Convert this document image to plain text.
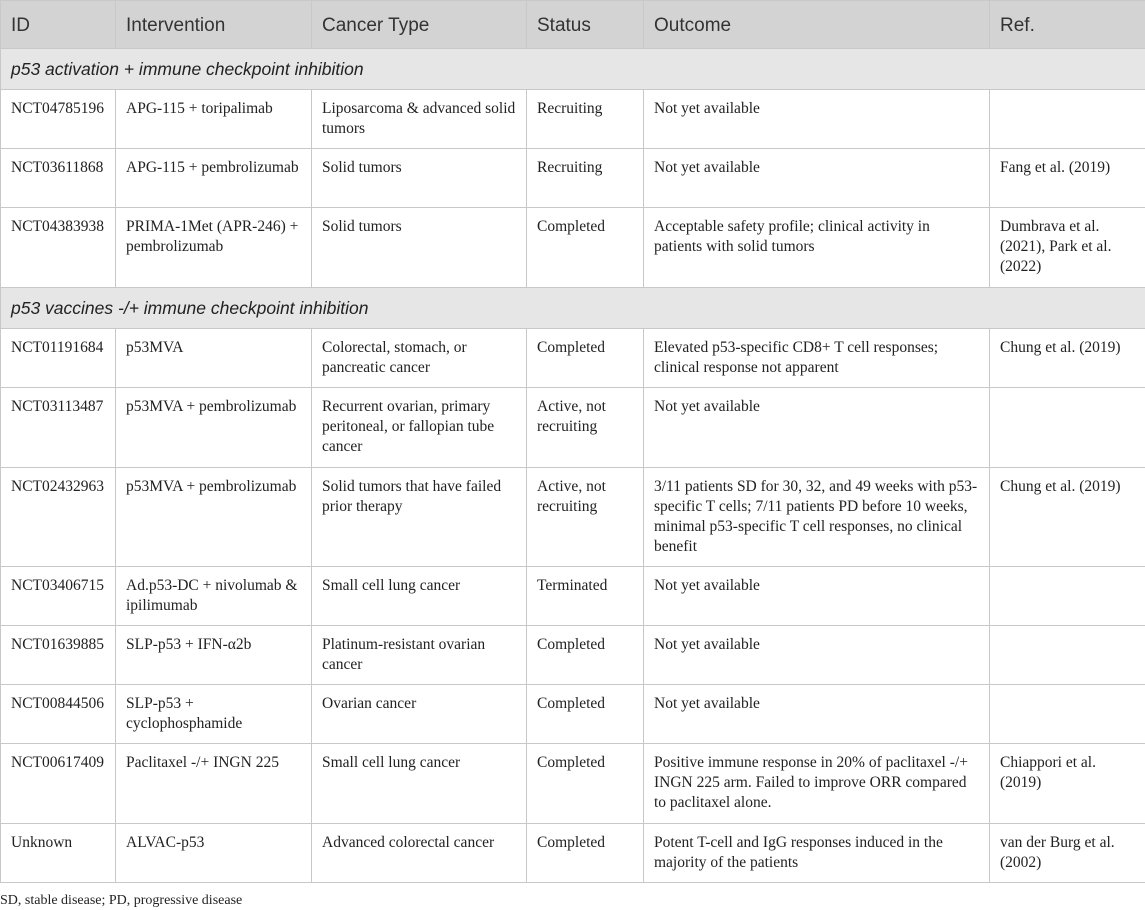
ID	Intervention	Cancer Type	Status	Outcome	Ref.
p53 activation + immune checkpoint inhibition					
NCT04785196	APG-115 + toripalimab	Liposarcoma & advanced solid tumors	Recruiting	Not yet available	
NCT03611868	APG-115 + pembrolizumab	Solid tumors	Recruiting	Not yet available	Fang et al. (2019)
NCT04383938	PRIMA-1Met (APR-246) + pembrolizumab	Solid tumors	Completed	Acceptable safety profile; clinical activity in patients with solid tumors	Dumbrava et al. (2021), Park et al. (2022)
p53 vaccines -/+ immune checkpoint inhibition					
NCT01191684	p53MVA	Colorectal, stomach, or pancreatic cancer	Completed	Elevated p53-specific CD8+ T cell responses; clinical response not apparent	Chung et al. (2019)
NCT03113487	p53MVA + pembrolizumab	Recurrent ovarian, primary peritoneal, or fallopian tube cancer	Active, not recruiting	Not yet available	
NCT02432963	p53MVA + pembrolizumab	Solid tumors that have failed prior therapy	Active, not recruiting	3/11 patients SD for 30, 32, and 49 weeks with p53-specific T cells; 7/11 patients PD before 10 weeks, minimal p53-specific T cell responses, no clinical benefit	Chung et al. (2019)
NCT03406715	Ad.p53-DC + nivolumab & ipilimumab	Small cell lung cancer	Terminated	Not yet available	
NCT01639885	SLP-p53 + IFN-α2b	Platinum-resistant ovarian cancer	Completed	Not yet available	
NCT00844506	SLP-p53 + cyclophosphamide	Ovarian cancer	Completed	Not yet available	
NCT00617409	Paclitaxel -/+ INGN 225	Small cell lung cancer	Completed	Positive immune response in 20% of paclitaxel -/+ INGN 225 arm. Failed to improve ORR compared to paclitaxel alone.	Chiappori et al. (2019)
Unknown	ALVAC-p53	Advanced colorectal cancer	Completed	Potent T-cell and IgG responses induced in the majority of the patients	van der Burg et al. (2002)
SD, stable disease; PD, progressive disease
